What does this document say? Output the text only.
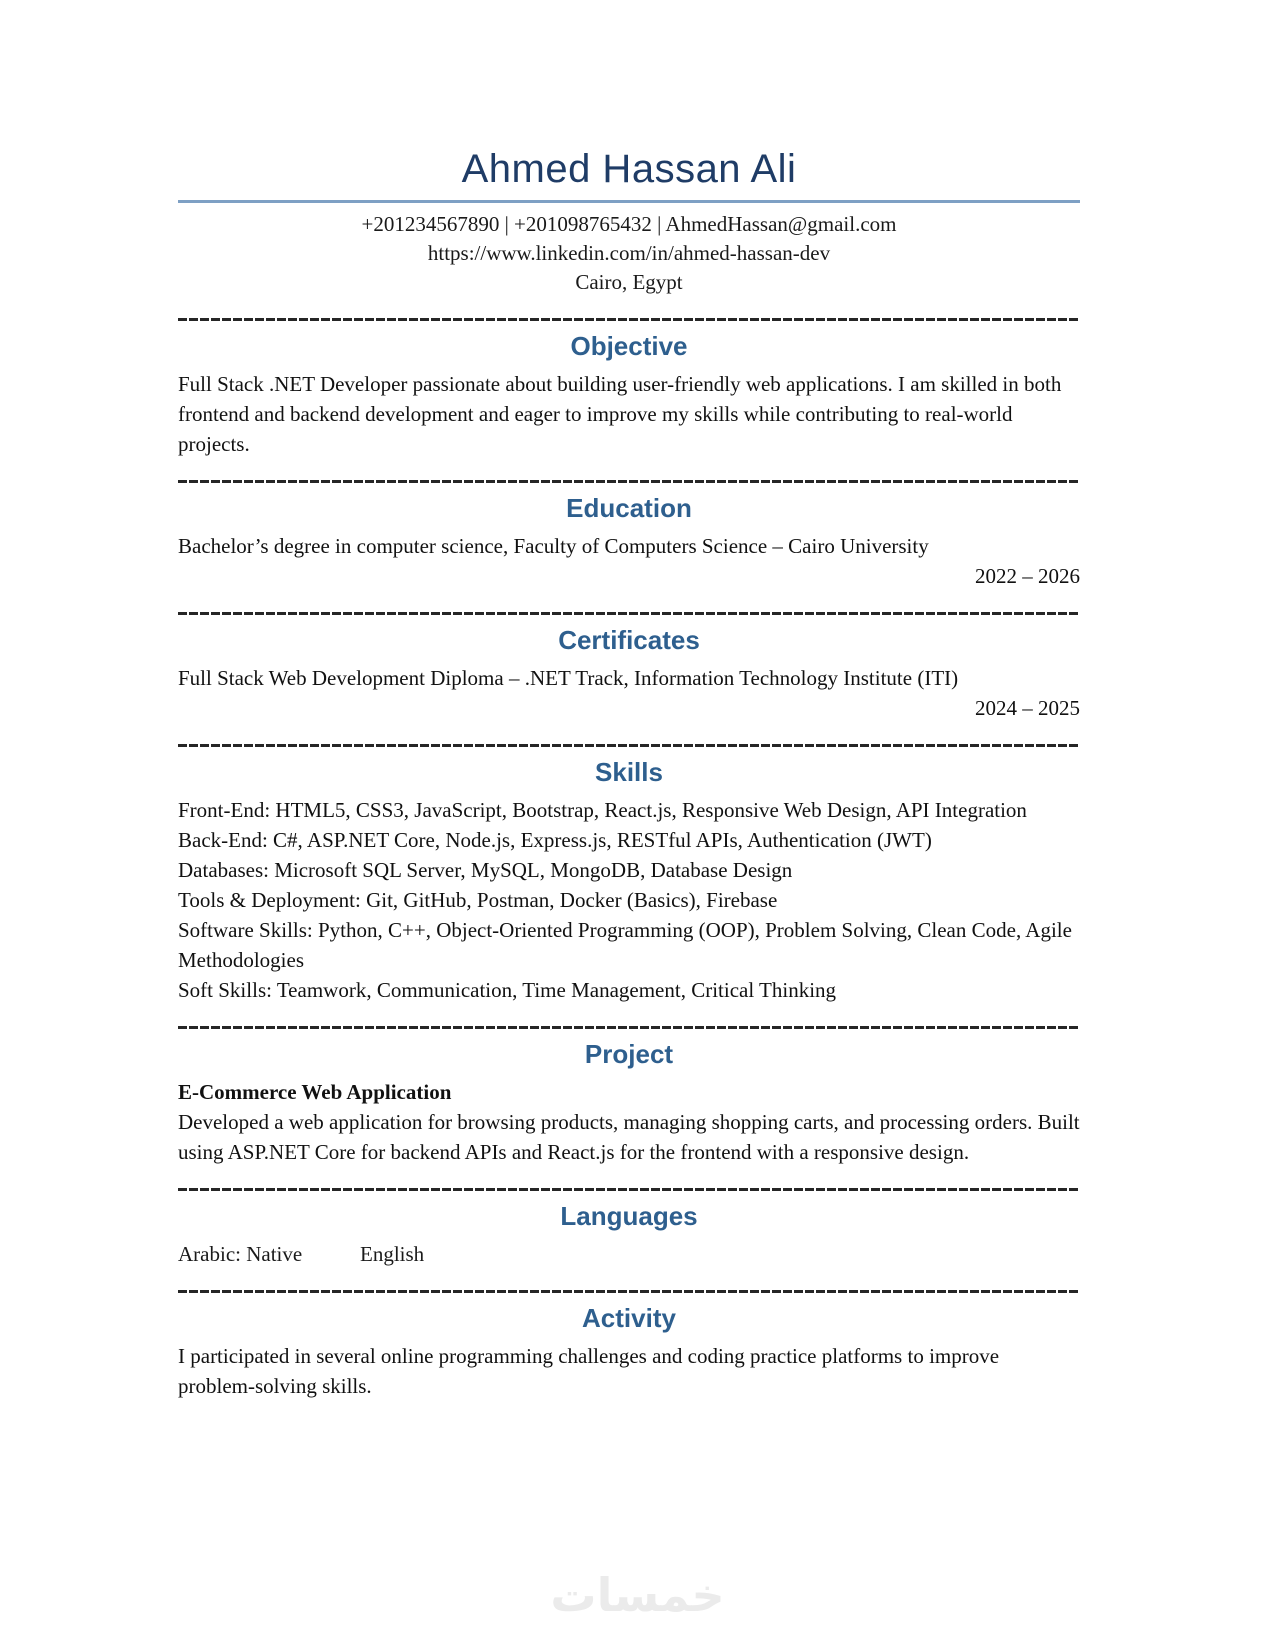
Ahmed Hassan Ali

+201234567890 | +201098765432 | AhmedHassan@gmail.com

https://www.linkedin.com/in/ahmed-hassan-dev

Cairo, Egypt

Objective

Full Stack .NET Developer passionate about building user-friendly web applications. I am skilled in both frontend and backend development and eager to improve my skills while contributing to real-world projects.

Education

Bachelor’s degree in computer science, Faculty of Computers Science – Cairo University

2022 – 2026

Certificates

Full Stack Web Development Diploma – .NET Track, Information Technology Institute (ITI)

2024 – 2025

Skills

Front-End: HTML5, CSS3, JavaScript, Bootstrap, React.js, Responsive Web Design, API Integration

Back-End: C#, ASP.NET Core, Node.js, Express.js, RESTful APIs, Authentication (JWT)

Databases: Microsoft SQL Server, MySQL, MongoDB, Database Design

Tools & Deployment: Git, GitHub, Postman, Docker (Basics), Firebase

Software Skills: Python, C++, Object-Oriented Programming (OOP), Problem Solving, Clean Code, Agile Methodologies

Soft Skills: Teamwork, Communication, Time Management, Critical Thinking

Project

E-Commerce Web Application

Developed a web application for browsing products, managing shopping carts, and processing orders. Built using ASP.NET Core for backend APIs and React.js for the frontend with a responsive design.

Languages
Arabic: Native	English
Activity

I participated in several online programming challenges and coding practice platforms to improve problem-solving skills.

خمسات
